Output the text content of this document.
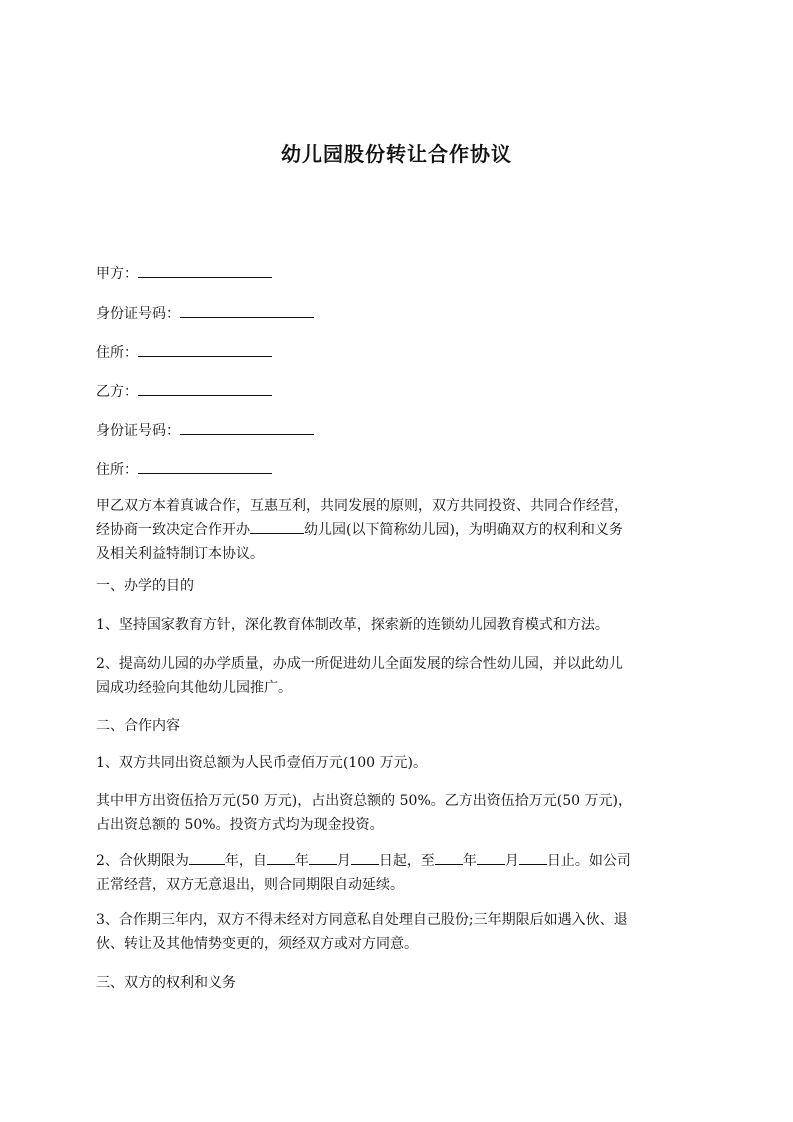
幼儿园股份转让合作协议
甲方：
身份证号码：
住所：
乙方：
身份证号码：
住所：
甲乙双方本着真诚合作，互惠互利，共同发展的原则，双方共同投资、共同合作经营，
经协商一致决定合作开办	幼儿园(以下简称幼儿园)，为明确双方的权利和义务
及相关利益特制订本协议。
一、办学的目的
1、坚持国家教育方针，深化教育体制改革，探索新的连锁幼儿园教育模式和方法。
2、提高幼儿园的办学质量，办成一所促进幼儿全面发展的综合性幼儿园，并以此幼儿
园成功经验向其他幼儿园推广。
二、合作内容
1、双方共同出资总额为人民币壹佰万元(100 万元)。
其中甲方出资伍拾万元(50 万元)，占出资总额的 50%。乙方出资伍拾万元(50 万元)，
占出资总额的 50%。投资方式均为现金投资。
2、合伙期限为	年，自 年 月 日起，至 年 月 日止。如公司
正常经营，双方无意退出，则合同期限自动延续。
3、合作期三年内，双方不得未经对方同意私自处理自己股份;三年期限后如遇入伙、退
伙、转让及其他情势变更的，须经双方或对方同意。
三、双方的权利和义务
